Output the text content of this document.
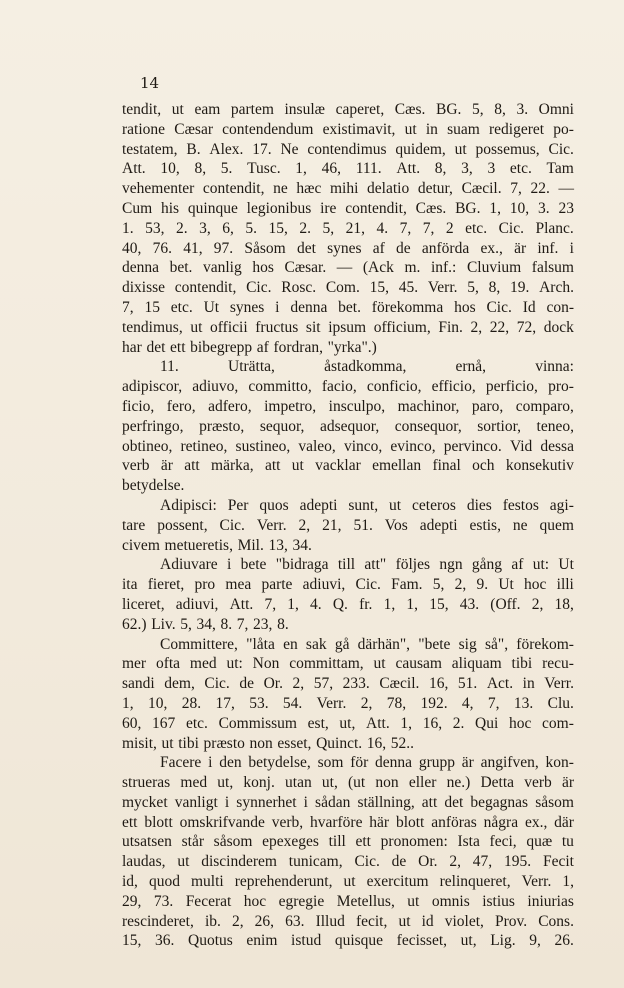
14
tendit, ut eam partem insulæ caperet, Cæs. BG. 5, 8, 3. Omni
ratione Cæsar contendendum existimavit, ut in suam redigeret po-
testatem, B. Alex. 17. Ne contendimus quidem, ut possemus, Cic.
Att. 10, 8, 5. Tusc. 1, 46, 111. Att. 8, 3, 3 etc. Tam
vehementer contendit, ne hæc mihi delatio detur, Cæcil. 7, 22. —
Cum his quinque legionibus ire contendit, Cæs. BG. 1, 10, 3. 23
1. 53, 2. 3, 6, 5. 15, 2. 5, 21, 4. 7, 7, 2 etc. Cic. Planc.
40, 76. 41, 97. Såsom det synes af de anförda ex., är inf. i
denna bet. vanlig hos Cæsar. — (Ack m. inf.: Cluvium falsum
dixisse contendit, Cic. Rosc. Com. 15, 45. Verr. 5, 8, 19. Arch.
7, 15 etc. Ut synes i denna bet. förekomma hos Cic. Id con-
tendimus, ut officii fructus sit ipsum officium, Fin. 2, 22, 72, dock
har det ett bibegrepp af fordran, "yrka".)
11.	Uträtta,	åstadkomma,	ernå,	vinna:
adipiscor, adiuvo, committo, facio, conficio, efficio, perficio, pro-
ficio, fero, adfero, impetro, insculpo, machinor, paro, comparo,
perfringo, præsto, sequor, adsequor, consequor, sortior, teneo,
obtineo, retineo, sustineo, valeo, vinco, evinco, pervinco. Vid dessa
verb är att märka, att ut vacklar emellan final och konsekutiv
betydelse.
Adipisci: Per quos adepti sunt, ut ceteros dies festos agi-
tare possent, Cic. Verr. 2, 21, 51. Vos adepti estis, ne quem
civem metueretis, Mil. 13, 34.
Adiuvare i bete "bidraga till att" följes ngn gång af ut: Ut
ita fieret, pro mea parte adiuvi, Cic. Fam. 5, 2, 9. Ut hoc illi
liceret, adiuvi, Att. 7, 1, 4. Q. fr. 1, 1, 15, 43. (Off. 2, 18,
62.) Liv. 5, 34, 8. 7, 23, 8.
Committere, "låta en sak gå därhän", "bete sig så", förekom-
mer ofta med ut: Non committam, ut causam aliquam tibi recu-
sandi dem, Cic. de Or. 2, 57, 233. Cæcil. 16, 51. Act. in Verr.
1, 10, 28. 17, 53. 54. Verr. 2, 78, 192. 4, 7, 13. Clu.
60, 167 etc. Commissum est, ut, Att. 1, 16, 2. Qui hoc com-
misit, ut tibi præsto non esset, Quinct. 16, 52..
Facere i den betydelse, som för denna grupp är angifven, kon-
strueras med ut, konj. utan ut, (ut non eller ne.) Detta verb är
mycket vanligt i synnerhet i sådan ställning, att det begagnas såsom
ett blott omskrifvande verb, hvarföre här blott anföras några ex., där
utsatsen står såsom epexeges till ett pronomen: Ista feci, quæ tu
laudas, ut discinderem tunicam, Cic. de Or. 2, 47, 195. Fecit
id, quod multi reprehenderunt, ut exercitum relinqueret, Verr. 1,
29, 73. Fecerat hoc egregie Metellus, ut omnis istius iniurias
rescinderet, ib. 2, 26, 63. Illud fecit, ut id violet, Prov. Cons.
15, 36. Quotus enim istud quisque fecisset, ut, Lig. 9, 26.
